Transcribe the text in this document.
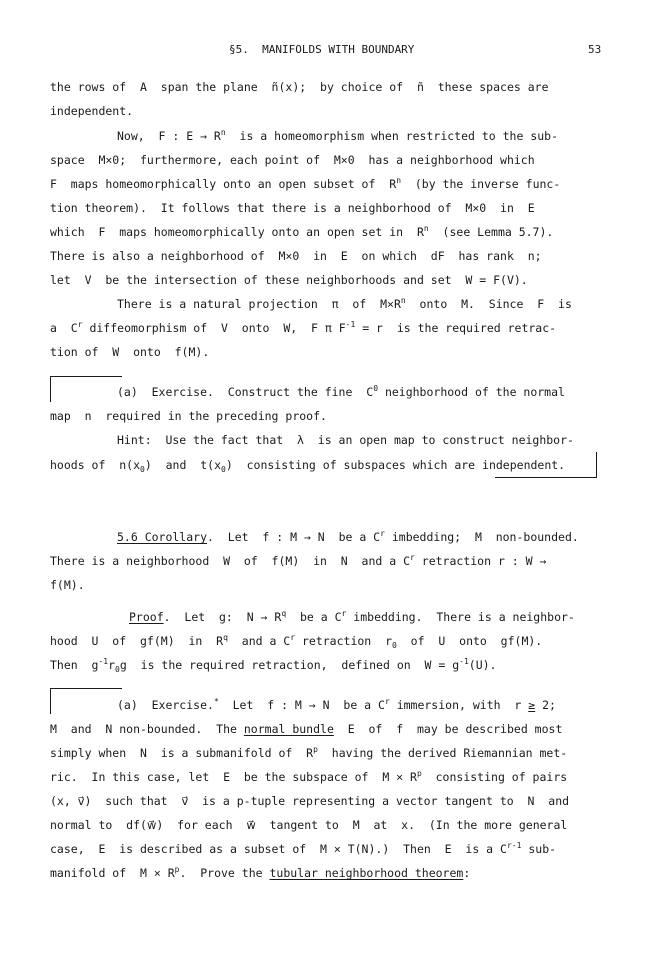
§5.  MANIFOLDS WITH BOUNDARY	53
the rows of  A  span the plane  ñ(x);  by choice of  ñ  these spaces are
independent.
Now,  F : $E \to R^n$  is a homeomorphism when restricted to the sub-
space  M×0;  furthermore, each point of  M×0  has a neighborhood which
F  maps homeomorphically onto an open subset of  $R^n$  (by the inverse func-
tion theorem).  It follows that there is a neighborhood of  M×0  in  E
which  F  maps homeomorphically onto an open set in  $R^n$  (see Lemma 5.7).
There is also a neighborhood of  M×0  in  E  on which  dF  has rank  n;
let  V  be the intersection of these neighborhoods and set  W = F(V).
There is a natural projection  π  of  $M\times R^n$  onto  M.  Since  F  is
a  $C^r$ diffeomorphism of  V  onto  W,  F π $F^{-1} = r$  is the required retrac-
tion of  W  onto  f(M).
(a)  Exercise.  Construct the fine  $C^0$ neighborhood of the normal
map  n  required in the preceding proof.
Hint:  Use the fact that  λ  is an open map to construct neighbor-
hoods of  $n(x_0)$  and  $t(x_0)$  consisting of subspaces which are independent.
5.6 Corollary.  Let  f : M → N  be a $C^r$ imbedding;  M  non-bounded.
There is a neighborhood  W  of  f(M)  in  N  and a $C^r$ retraction r : W →
f(M).
Proof.  Let  g:  $N \to R^q$  be a $C^r$ imbedding.  There is a neighbor-
hood  U  of  gf(M)  in  $R^q$  and a $C^r$ retraction  $r_0$  of  U  onto  gf(M).
Then  $g^{-1}r_0g$  is the required retraction,  defined on  $W = g^{-1}(U)$.
(a)  Exercise.*  Let  f : M → N  be a $C^r$ immersion, with  r ≥ 2;
M  and  N non-bounded.  The normal bundle  E  of  f  may be described most
simply when  N  is a submanifold of  $R^p$  having the derived Riemannian met-
ric.  In this case, let  E  be the subspace of  $M \times R^p$  consisting of pairs
(x, v⃗)  such that  v⃗  is a p-tuple representing a vector tangent to  N  and
normal to  df(w⃗)  for each  w⃗  tangent to  M  at  x.  (In the more general
case,  E  is described as a subset of  M × T(N).)  Then  E  is a $C^{r-1}$ sub-
manifold of  $M \times R^p$.  Prove the tubular neighborhood theorem:
